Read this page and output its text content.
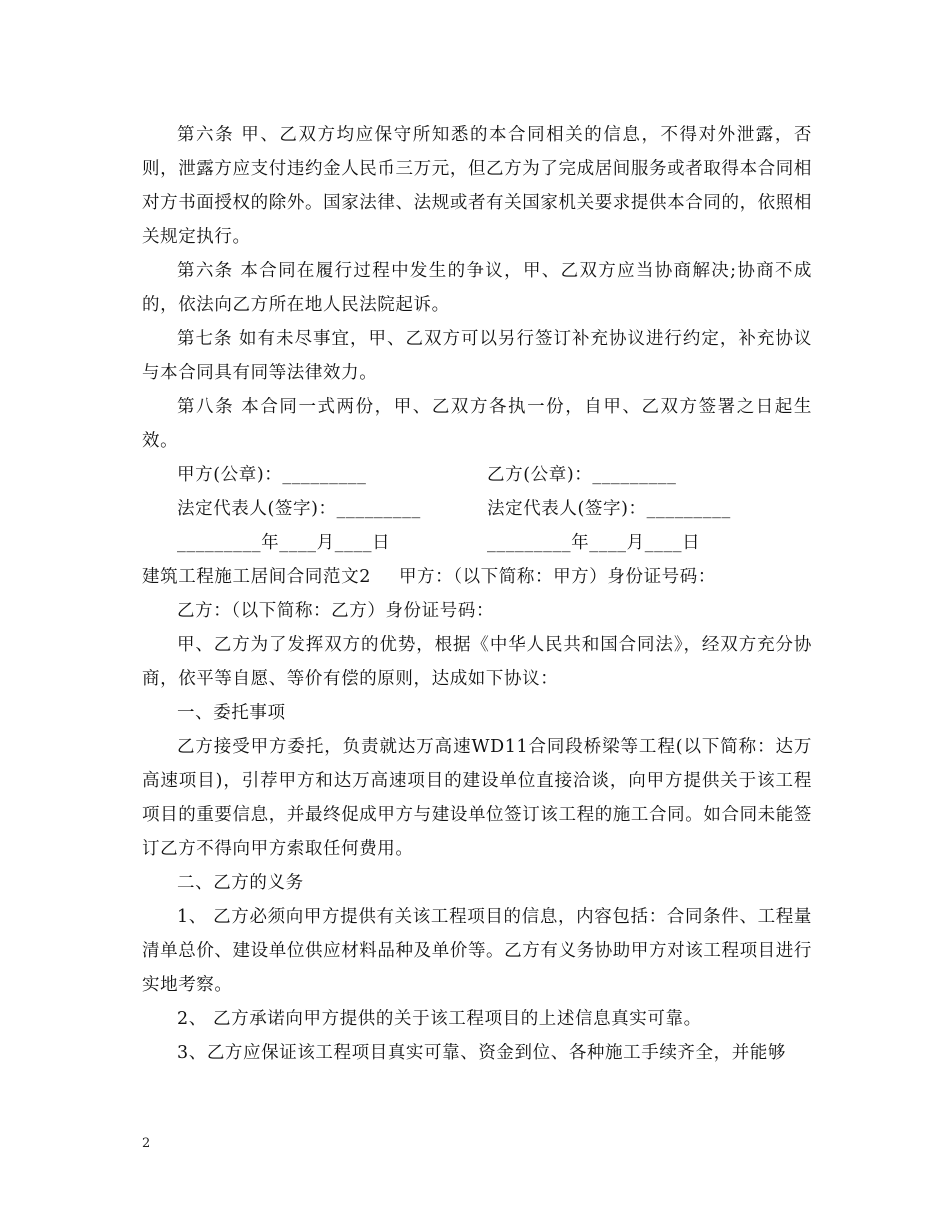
第六条 甲、乙双方均应保守所知悉的本合同相关的信息，不得对外泄露，否则，泄露方应支付违约金人民币三万元，但乙方为了完成居间服务或者取得本合同相对方书面授权的除外。国家法律、法规或者有关国家机关要求提供本合同的，依照相关规定执行。

第六条 本合同在履行过程中发生的争议，甲、乙双方应当协商解决;协商不成的，依法向乙方所在地人民法院起诉。

第七条 如有未尽事宜，甲、乙双方可以另行签订补充协议进行约定，补充协议与本合同具有同等法律效力。

第八条 本合同一式两份，甲、乙双方各执一份，自甲、乙双方签署之日起生效。

甲方(公章)：_________	乙方(公章)：_________
法定代表人(签字)：_________	法定代表人(签字)：_________
_________年____月____日	_________年____月____日
建筑工程施工居间合同范文2 甲方：（以下简称：甲方）身份证号码：

乙方：（以下简称：乙方）身份证号码：

甲、乙方为了发挥双方的优势，根据《中华人民共和国合同法》，经双方充分协商，依平等自愿、等价有偿的原则，达成如下协议：

一、委托事项

乙方接受甲方委托，负责就达万高速WD11合同段桥梁等工程(以下简称：达万高速项目)，引荐甲方和达万高速项目的建设单位直接洽谈，向甲方提供关于该工程项目的重要信息，并最终促成甲方与建设单位签订该工程的施工合同。如合同未能签订乙方不得向甲方索取任何费用。

二、乙方的义务

1、 乙方必须向甲方提供有关该工程项目的信息，内容包括：合同条件、工程量清单总价、建设单位供应材料品种及单价等。乙方有义务协助甲方对该工程项目进行实地考察。

2、 乙方承诺向甲方提供的关于该工程项目的上述信息真实可靠。

3、乙方应保证该工程项目真实可靠、资金到位、各种施工手续齐全，并能够

2
